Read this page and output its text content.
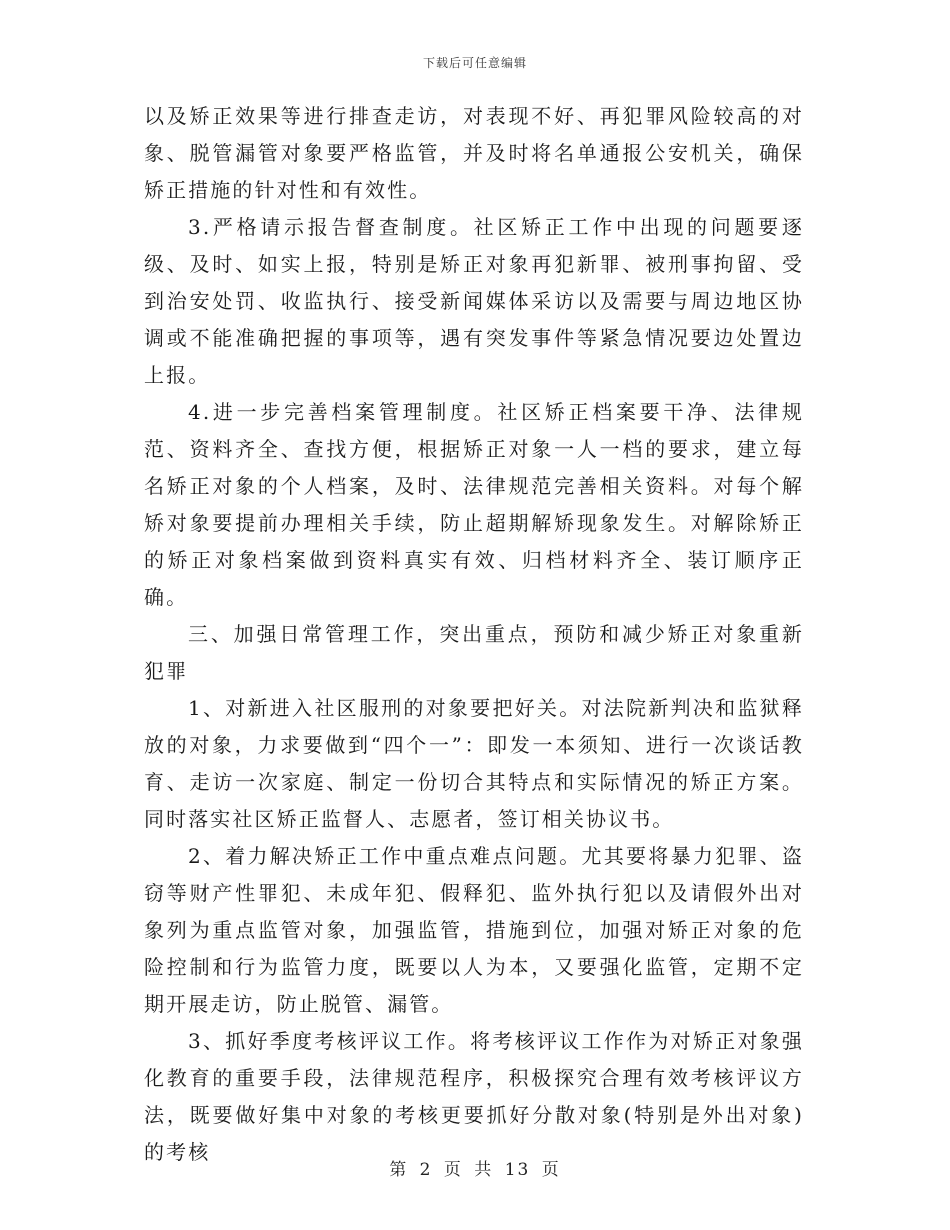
下载后可任意编辑

以及矫正效果等进行排查走访，对表现不好、再犯罪风险较高的对象、脱管漏管对象要严格监管，并及时将名单通报公安机关，确保矫正措施的针对性和有效性。

3.严格请示报告督查制度。社区矫正工作中出现的问题要逐级、及时、如实上报，特别是矫正对象再犯新罪、被刑事拘留、受到治安处罚、收监执行、接受新闻媒体采访以及需要与周边地区协调或不能准确把握的事项等，遇有突发事件等紧急情况要边处置边上报。

4.进一步完善档案管理制度。社区矫正档案要干净、法律规范、资料齐全、查找方便，根据矫正对象一人一档的要求，建立每名矫正对象的个人档案，及时、法律规范完善相关资料。对每个解矫对象要提前办理相关手续，防止超期解矫现象发生。对解除矫正的矫正对象档案做到资料真实有效、归档材料齐全、装订顺序正确。

三、加强日常管理工作，突出重点，预防和减少矫正对象重新犯罪

1、对新进入社区服刑的对象要把好关。对法院新判决和监狱释放的对象，力求要做到“四个一”：即发一本须知、进行一次谈话教育、走访一次家庭、制定一份切合其特点和实际情况的矫正方案。同时落实社区矫正监督人、志愿者，签订相关协议书。

2、着力解决矫正工作中重点难点问题。尤其要将暴力犯罪、盗窃等财产性罪犯、未成年犯、假释犯、监外执行犯以及请假外出对象列为重点监管对象，加强监管，措施到位，加强对矫正对象的危险控制和行为监管力度，既要以人为本，又要强化监管，定期不定期开展走访，防止脱管、漏管。

3、抓好季度考核评议工作。将考核评议工作作为对矫正对象强化教育的重要手段，法律规范程序，积极探究合理有效考核评议方法，既要做好集中对象的考核更要抓好分散对象(特别是外出对象)的考核

第 2 页 共 13 页
